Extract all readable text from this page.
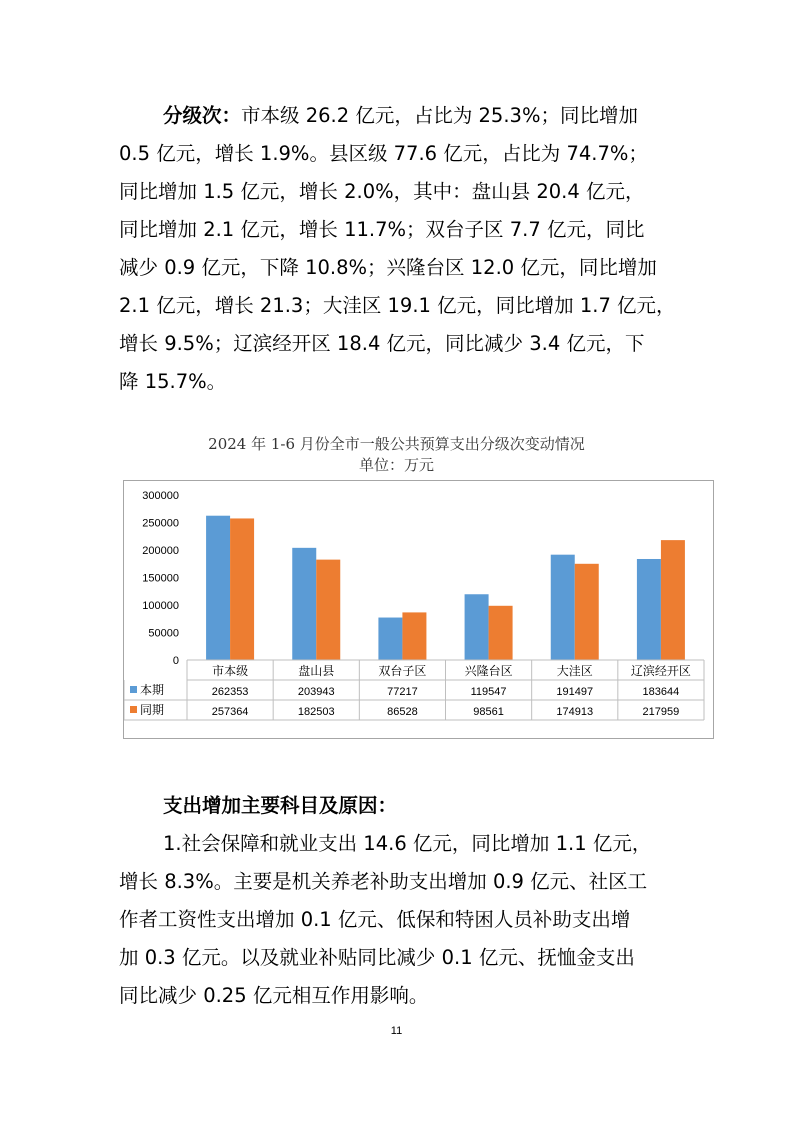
分级次：市本级 26.2 亿元，占比为 25.3%；同比增加
0.5 亿元，增长 1.9%。县区级 77.6 亿元，占比为 74.7%；
同比增加 1.5 亿元，增长 2.0%，其中：盘山县 20.4 亿元，
同比增加 2.1 亿元，增长 11.7%；双台子区 7.7 亿元，同比
减少 0.9 亿元，下降 10.8%；兴隆台区 12.0 亿元，同比增加
2.1 亿元，增长 21.3；大洼区 19.1 亿元，同比增加 1.7 亿元，
增长 9.5%；辽滨经开区 18.4 亿元，同比减少 3.4 亿元，下
降 15.7%。
2024 年 1-6 月份全市一般公共预算支出分级次变动情况
单位：万元
300000
250000
200000
150000
100000
50000
0
市本级	盘山县	双台子区	兴隆台区	大洼区	辽滨经开区
本期	262353	203943	77217	119547	191497	183644
同期	257364	182503	86528	98561	174913	217959
支出增加主要科目及原因：
1.社会保障和就业支出 14.6 亿元，同比增加 1.1 亿元，
增长 8.3%。主要是机关养老补助支出增加 0.9 亿元、社区工
作者工资性支出增加 0.1 亿元、低保和特困人员补助支出增
加 0.3 亿元。以及就业补贴同比减少 0.1 亿元、抚恤金支出
同比减少 0.25 亿元相互作用影响。
11
